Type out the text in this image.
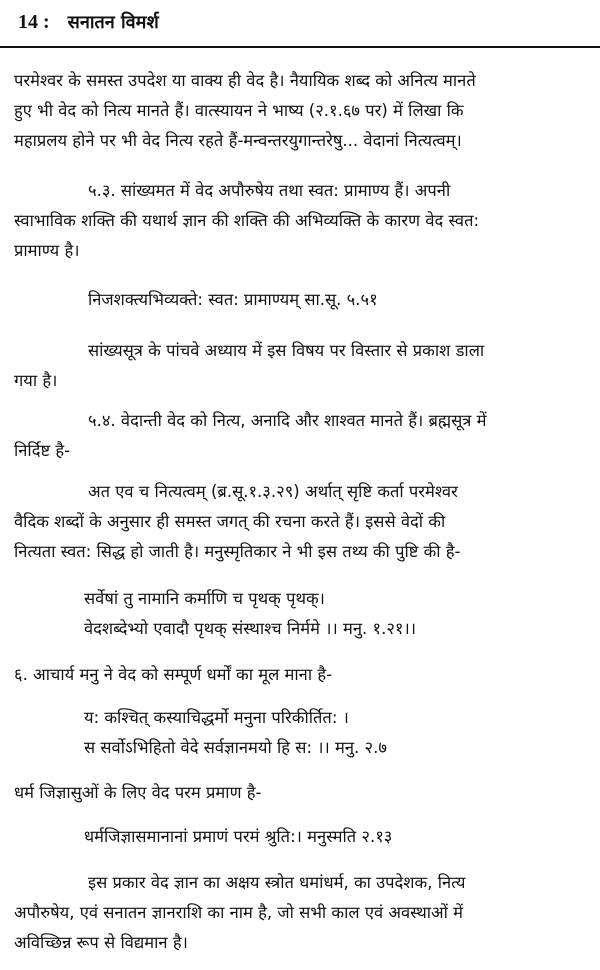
14 : सनातन विमर्श
परमेश्वर के समस्त उपदेश या वाक्य ही वेद है। नैयायिक शब्द को अनित्य मानते
हुए भी वेद को नित्य मानते हैं। वात्स्यायन ने भाष्य (२.१.६७ पर) में लिखा कि
महाप्रलय होने पर भी वेद नित्य रहते हैं-मन्वन्तरयुगान्तरेषु... वेदानां नित्यत्वम्।
५.३. सांख्यमत में वेद अपौरुषेय तथा स्वत: प्रामाण्य हैं। अपनी
स्वाभाविक शक्ति की यथार्थ ज्ञान की शक्ति की अभिव्यक्ति के कारण वेद स्वत:
प्रामाण्य है।
निजशक्त्यभिव्यक्ते: स्वत: प्रामाण्यम् सा.सू. ५.५१
सांख्यसूत्र के पांचवे अध्याय में इस विषय पर विस्तार से प्रकाश डाला
गया है।
५.४. वेदान्ती वेद को नित्य, अनादि और शाश्वत मानते हैं। ब्रह्मसूत्र में
निर्दिष्ट है-
अत एव च नित्यत्वम् (ब्र.सू.१.३.२९) अर्थात् सृष्टि कर्ता परमेश्वर
वैदिक शब्दों के अनुसार ही समस्त जगत् की रचना करते हैं। इससे वेदों की
नित्यता स्वत: सिद्ध हो जाती है। मनुस्मृतिकार ने भी इस तथ्य की पुष्टि की है-
सर्वेषां तु नामानि कर्माणि च पृथक् पृथक्।
वेदशब्देभ्यो एवादौ पृथक् संस्थाश्च निर्ममे ।। मनु. १.२१।।
६. आचार्य मनु ने वेद को सम्पूर्ण धर्मों का मूल माना है-
य: कश्चित् कस्याचिद्धर्मो मनुना परिकीर्तित: ।
स सर्वोऽभिहितो वेदे सर्वज्ञानमयो हि स: ।। मनु. २.७
धर्म जिज्ञासुओं के लिए वेद परम प्रमाण है-
धर्मजिज्ञासमानानां प्रमाणं परमं श्रुति:। मनुस्मति २.१३
इस प्रकार वेद ज्ञान का अक्षय स्त्रोत धमांधर्म, का उपदेशक, नित्य
अपौरुषेय, एवं सनातन ज्ञानराशि का नाम है, जो सभी काल एवं अवस्थाओं में
अविच्छिन्न रूप से विद्यमान है।
